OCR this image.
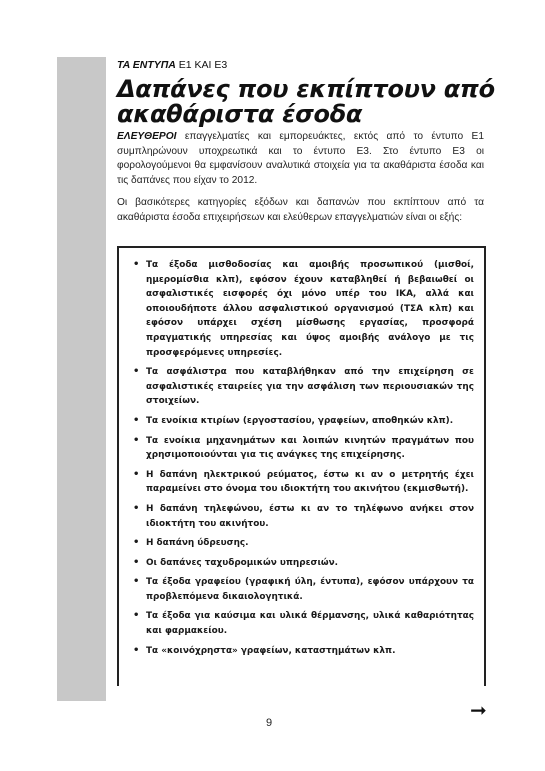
ΤΑ ΕΝΤΥΠΑ Ε1 ΚΑΙ Ε3
Δαπάνες που εκπίπτουν από ακαθάριστα έσοδα
ΕΛΕΥΘΕΡΟΙ επαγγελματίες και εμπορευάκτες, εκτός από το έντυπο Ε1 συμπληρώνουν υποχρεωτικά και το έντυπο Ε3. Στο έντυπο Ε3 οι φορολογούμενοι θα εμφανίσουν αναλυτικά στοιχεία για τα ακαθάριστα έσοδα και τις δαπάνες που είχαν το 2012.
Οι βασικότερες κατηγορίες εξόδων και δαπανών που εκπίπτουν από τα ακαθάριστα έσοδα επιχειρήσεων και ελεύθερων επαγγελματιών είναι οι εξής:
• Τα έξοδα μισθοδοσίας και αμοιβής προσωπικού (μισθοί, ημερομίσθια κλπ), εφόσον έχουν καταβληθεί ή βεβαιωθεί οι ασφαλιστικές εισφορές όχι μόνο υπέρ του ΙΚΑ, αλλά και οποιουδήποτε άλλου ασφαλιστικού οργανισμού (ΤΣΑ κλπ) και εφόσον υπάρχει σχέση μίσθωσης εργασίας, προσφορά πραγματικής υπηρεσίας και ύψος αμοιβής ανάλογο με τις προσφερόμενες υπηρεσίες.
• Τα ασφάλιστρα που καταβλήθηκαν από την επιχείρηση σε ασφαλιστικές εταιρείες για την ασφάλιση των περιουσιακών της στοιχείων.
• Τα ενοίκια κτιρίων (εργοστασίου, γραφείων, αποθηκών κλπ).
• Τα ενοίκια μηχανημάτων και λοιπών κινητών πραγμάτων που χρησιμοποιούνται για τις ανάγκες της επιχείρησης.
• Η δαπάνη ηλεκτρικού ρεύματος, έστω κι αν ο μετρητής έχει παραμείνει στο όνομα του ιδιοκτήτη του ακινήτου (εκμισθωτή).
• Η δαπάνη τηλεφώνου, έστω κι αν το τηλέφωνο ανήκει στον ιδιοκτήτη του ακινήτου.
• Η δαπάνη ύδρευσης.
• Οι δαπάνες ταχυδρομικών υπηρεσιών.
• Τα έξοδα γραφείου (γραφική ύλη, έντυπα), εφόσον υπάρχουν τα προβλεπόμενα δικαιολογητικά.
• Τα έξοδα για καύσιμα και υλικά θέρμανσης, υλικά καθαριότητας και φαρμακείου.
• Τα «κοινόχρηστα» γραφείων, καταστημάτων κλπ.
9
➞
